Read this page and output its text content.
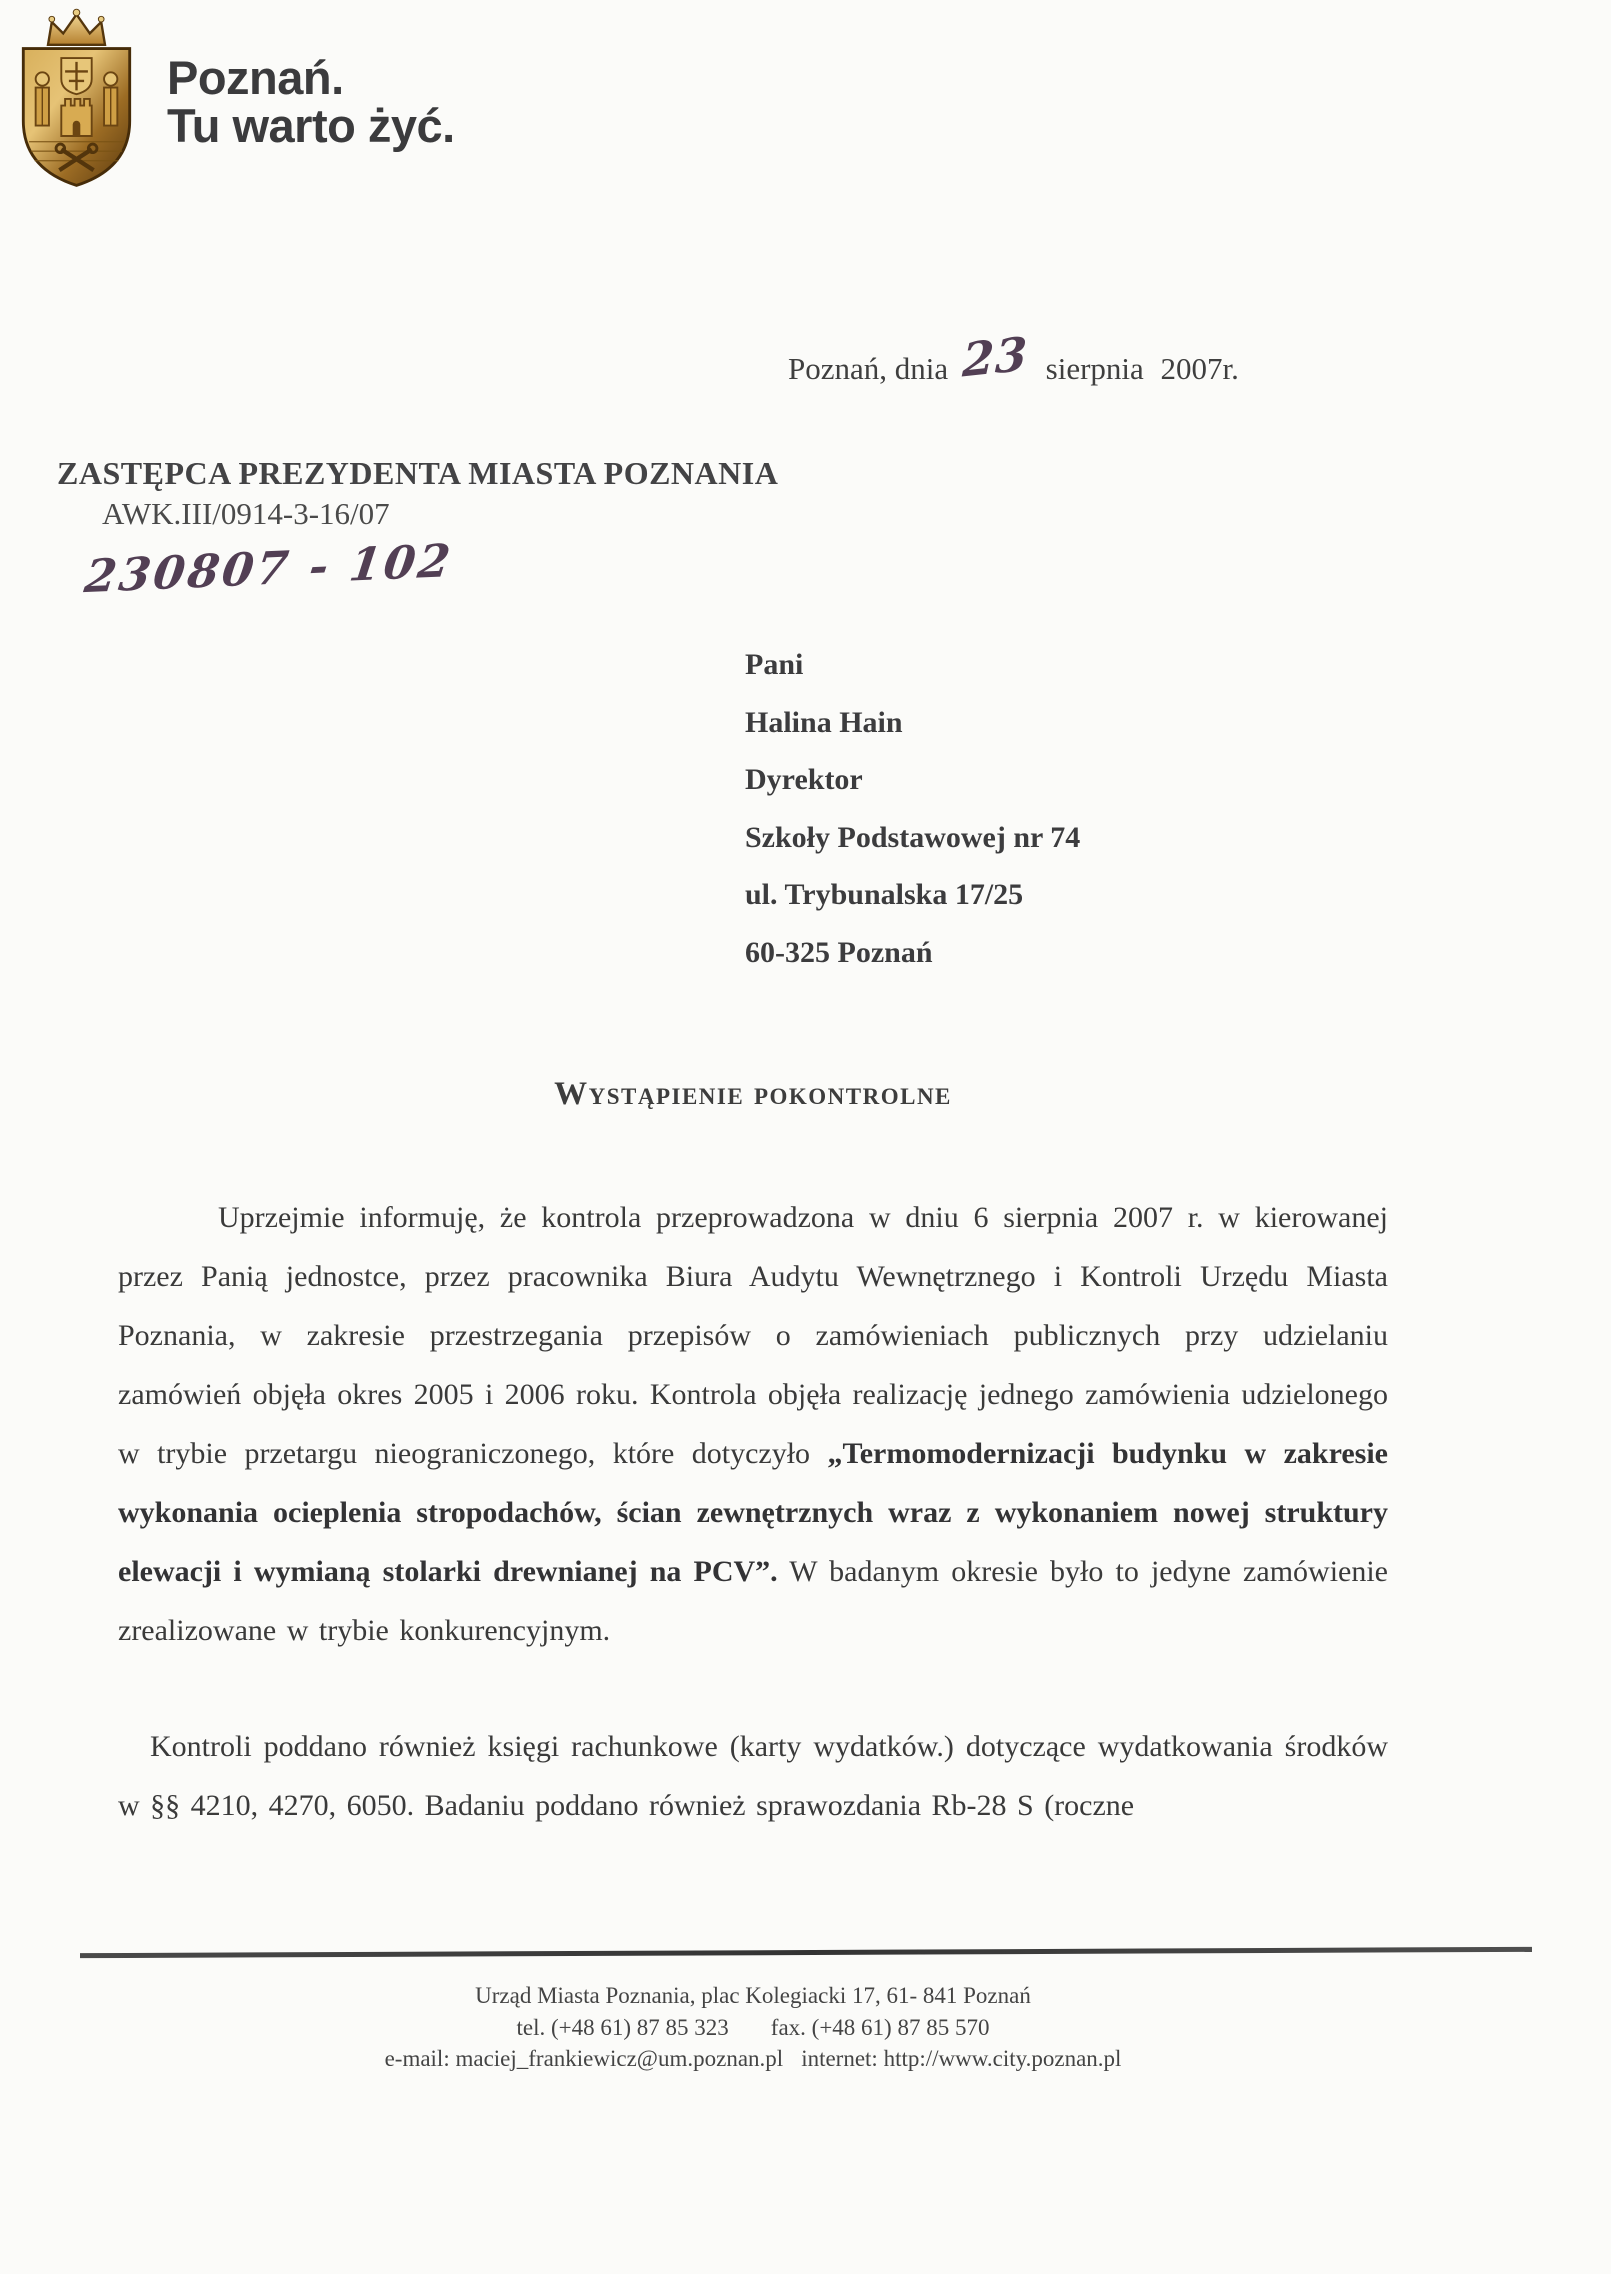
Poznań.
Tu warto żyć.
Poznań, dnia 23 sierpnia 2007r.
ZASTĘPCA PREZYDENTA MIASTA POZNANIA
AWK.III/0914-3-16/07
230807 - 102
Pani
Halina Hain
Dyrektor
Szkoły Podstawowej nr 74
ul. Trybunalska 17/25
60-325 Poznań
Wystąpienie pokontrolne

Uprzejmie informuję, że kontrola przeprowadzona w dniu 6 sierpnia 2007 r. w kierowanej przez Panią jednostce, przez pracownika Biura Audytu Wewnętrznego i Kontroli Urzędu Miasta Poznania, w zakresie przestrzegania przepisów o zamówieniach publicznych przy udzielaniu zamówień objęła okres 2005 i 2006 roku. Kontrola objęła realizację jednego zamówienia udzielonego w trybie przetargu nieograniczonego, które dotyczyło „Termomodernizacji budynku w zakresie wykonania ocieplenia stropodachów, ścian zewnętrznych wraz z wykonaniem nowej struktury elewacji i wymianą stolarki drewnianej na PCV”. W badanym okresie było to jedyne zamówienie zrealizowane w trybie konkurencyjnym.

Kontroli poddano również księgi rachunkowe (karty wydatków.) dotyczące wydatkowania środków w §§ 4210, 4270, 6050. Badaniu poddano również sprawozdania Rb-28 S (roczne

Urząd Miasta Poznania, plac Kolegiacki 17, 61- 841 Poznań
tel. (+48 61) 87 85 323 fax. (+48 61) 87 85 570
e-mail: maciej_frankiewicz@um.poznan.pl internet: http://www.city.poznan.pl
